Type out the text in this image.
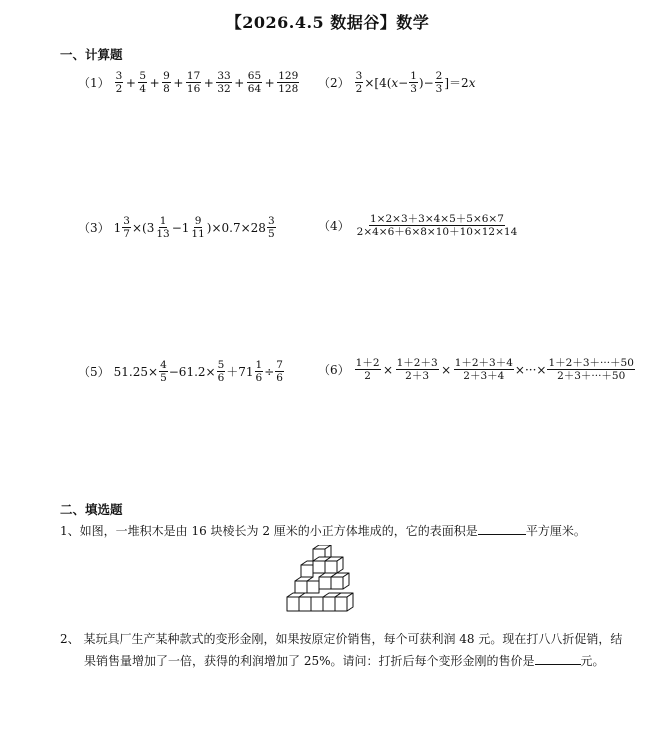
【2026.4.5 数据谷】数学
一、计算题
$(1) \frac{3}{2} + \frac{5}{4} + \frac{9}{8} + \frac{17}{16} + \frac{33}{32} + \frac{65}{64} + \frac{129}{128} (2) \frac{3}{2} \times[4$( $x - \frac{1}{3}$ )− $\frac{2}{3} ]=2$ x
（3） $1 \frac{3}{7} \times(3 \frac{1}{13} -1 \frac{9}{11} )\times 0.7\times 28 \frac{3}{5}$	$(4) \frac{1\times 2\times 3+3\times 4\times 5+5\times 6\times 7}{2\times 4\times 6+6\times 8\times 10+10\times 12\times 14}$
（5） $51.25\times \frac{4}{5} -61.2\times \frac{5}{6} +71 \frac{1}{6} \div \frac{7}{6}$	$(6) \frac{1+2}{2} \times \frac{1+2+3}{2+3} \times \frac{1+2+3+4}{2+3+4}$ ×···× $\frac{1+2+3+\cdot\cdot\cdot+50}{2+3+\cdot\cdot\cdot+50}$
二、填选题
1、如图，一堆积木是由 16 块棱长为 2 厘米的小正方体堆成的，它的表面积是	平方厘米。
2、 某玩具厂生产某种款式的变形金刚，如果按原定价销售，每个可获利润 48 元。现在打八八折促销，结
果销售量增加了一倍，获得的利润增加了 25%。请问：打折后每个变形金刚的售价是	元。
